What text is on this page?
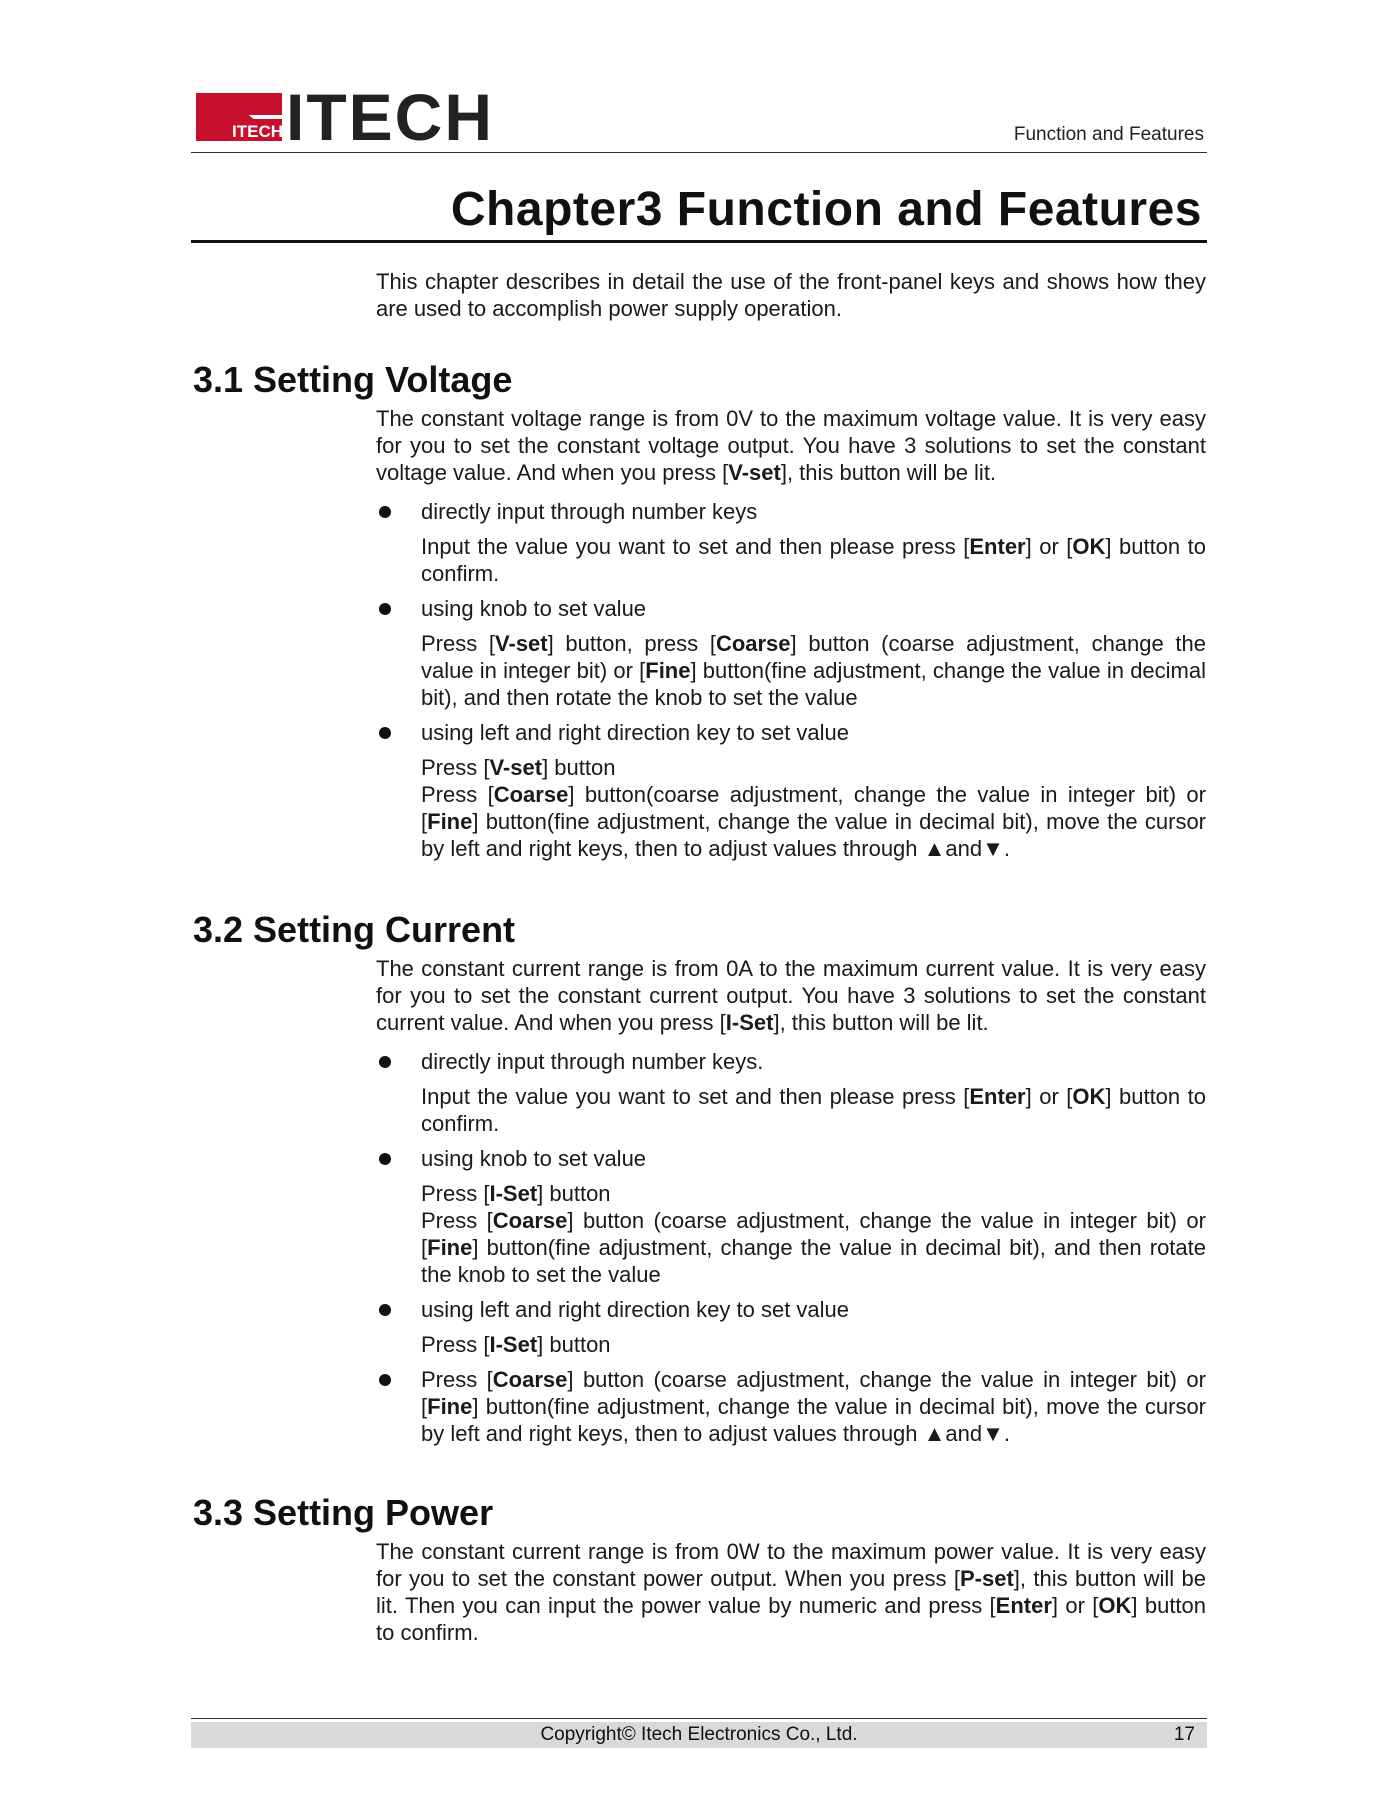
ITECH ITECH	Function and Features
Chapter3 Function and Features

This chapter describes in detail the use of the front-panel keys and shows how they are used to accomplish power supply operation.

3.1 Setting Voltage

The constant voltage range is from 0V to the maximum voltage value. It is very easy for you to set the constant voltage output. You have 3 solutions to set the constant voltage value. And when you press [V-set], this button will be lit.

directly input through number keys

Input the value you want to set and then please press [Enter] or [OK] button to confirm.

using knob to set value

Press [V-set] button, press [Coarse] button (coarse adjustment, change the value in integer bit) or [Fine] button(fine adjustment, change the value in decimal bit), and then rotate the knob to set the value

using left and right direction key to set value

Press [V-set] button

Press [Coarse] button(coarse adjustment, change the value in integer bit) or [Fine] button(fine adjustment, change the value in decimal bit), move the cursor by left and right keys, then to adjust values through ▲and▼.

3.2 Setting Current

The constant current range is from 0A to the maximum current value. It is very easy for you to set the constant current output. You have 3 solutions to set the constant current value. And when you press [I-Set], this button will be lit.

directly input through number keys.

Input the value you want to set and then please press [Enter] or [OK] button to confirm.

using knob to set value

Press [I-Set] button

Press [Coarse] button (coarse adjustment, change the value in integer bit) or [Fine] button(fine adjustment, change the value in decimal bit), and then rotate the knob to set the value

using left and right direction key to set value

Press [I-Set] button

Press [Coarse] button (coarse adjustment, change the value in integer bit) or [Fine] button(fine adjustment, change the value in decimal bit), move the cursor by left and right keys, then to adjust values through ▲and▼.

3.3 Setting Power

The constant current range is from 0W to the maximum power value. It is very easy for you to set the constant power output. When you press [P-set], this button will be lit. Then you can input the power value by numeric and press [Enter] or [OK] button to confirm.

Copyright© Itech Electronics Co., Ltd.	17
